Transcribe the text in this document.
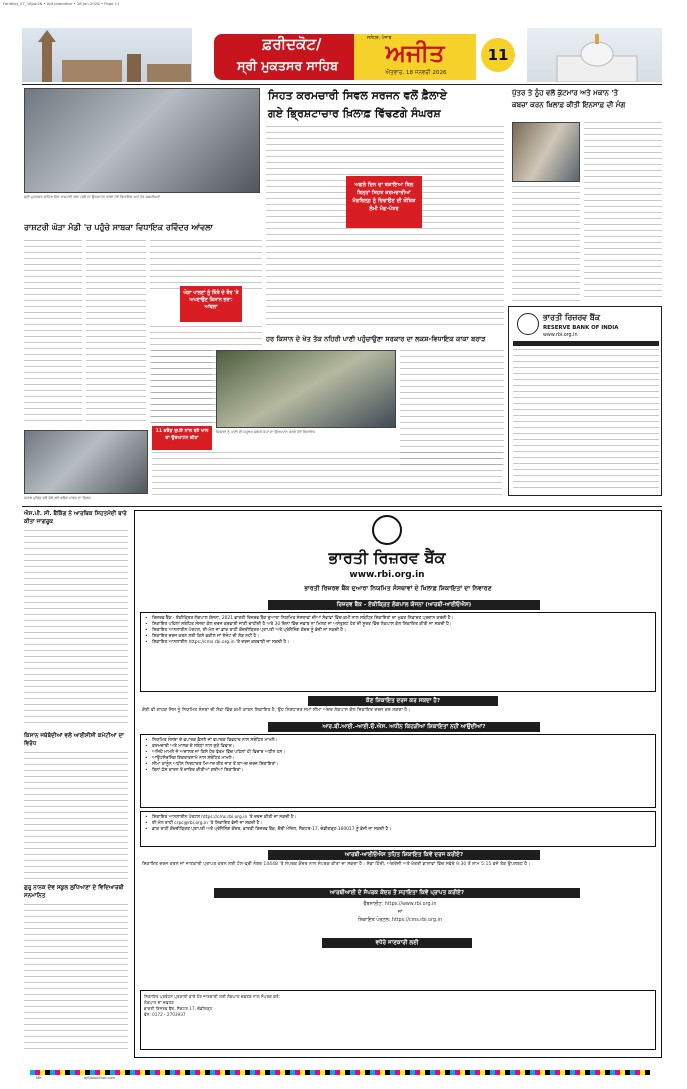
Faridkot_07_18Jan26 • Ajit Jalandhar • 18 Jan 2026 • Page 11
ਫ਼ਰੀਦਕੋਟ/
ਸ੍ਰੀ ਮੁਕਤਸਰ ਸਾਹਿਬ
ਜਲੰਧਰ, ਪੰਜਾਬ
ਅਜੀਤ
ਐਤਵਾਰ, 18 ਜਨਵਰੀ 2026
11
ਸ੍ਰੀ ਮੁਕਤਸਰ ਸਾਹਿਬ ਵਿਖੇ ਰਾਸ਼ਟਰੀ ਘੋੜਾ ਮੰਡੀ ਦਾ ਉਦਘਾਟਨ ਕਰਦੇ ਹੋਏ ਵਿਧਾਇਕ ਅਤੇ ਹੋਰ ਸ਼ਖ਼ਸੀਅਤਾਂ
ਸਿਹਤ ਕਰਮਚਾਰੀ ਸਿਵਲ ਸਰਜਨ ਵਲੋਂ ਫ਼ੈਲਾਏ
ਗਏ ਭ੍ਰਿਸ਼ਟਾਚਾਰ ਖ਼ਿਲਾਫ਼ ਵਿੱਢਣਗੇ ਸੰਘਰਸ਼
ਅਗਲੇ ਦਿਨ ਦਾ ਬਕਾਇਆ ਬਿਲ ਬਿਨ੍ਹਾਂ ਸਿਹਤ ਕਰਮਚਾਰੀਆਂ ਮੰਗਰਿਲ੍ਹ ਨੂੰ ਦਿਵਾਉਣ ਦੀ ਕੋਸ਼ਿਸ਼ ਲੰਮੀ ਮੰਗ-ਪੱਤਰ
ਪੁੱਤਰ ਤੇ ਨੂੰਹ ਵਲੋਂ ਕੁੱਟਮਾਰ ਅਤੇ ਮਕਾਨ 'ਤੇ
ਕਬਜ਼ਾ ਕਰਨ ਖ਼ਿਲਾਫ਼ ਕੀਤੀ ਇਨਸਾਫ਼ ਦੀ ਮੰਗ
ਭਾਰਤੀ ਰਿਜ਼ਰਵ ਬੈਂਕ
RESERVE BANK OF INDIA
www.rbi.org.in
ਰਾਸ਼ਟਰੀ ਘੋੜਾ ਮੰਡੀ 'ਚ ਪਹੁੰਚੇ ਸਾਬਕਾ ਵਿਧਾਇਕ ਰਵਿੰਦਰ ਆਂਵਲਾ
ਘੋੜਾ ਪਾਲਣਾਂ ਨੂੰ ਕਿੱਤੇ ਦੇ ਤੌਰ 'ਤੇ ਅਪਣਾਉਣ ਕਿਸਾਨ ਭਰਾ: ਆਂਵਲਾ
ਹਰ ਕਿਸਾਨ ਦੇ ਖੇਤ ਤੱਕ ਨਹਿਰੀ ਪਾਣੀ ਪਹੁੰਚਾਉਣਾ ਸਰਕਾਰ ਦਾ ਲਕਸ਼-ਵਿਧਾਇਕ ਕਾਕਾ ਬਰਾੜ
11 ਕਰੋੜ ਰੁਪਏ ਨਾਲ ਬਣੇ ਖਾਲ ਦਾ ਉਦਘਾਟਨ ਕੀਤਾ
ਕਿਸਾਨਾਂ ਨੂੰ ਪਾਣੀ ਦੀ ਸਹੂਲਤ ਸਬੰਧੀ ਕੰਮਾਂ ਦਾ ਉਦਘਾਟਨ ਕਰਦੇ ਹੋਏ ਵਿਧਾਇਕ
ਪੰਜਾਬ ਪੁਲਿਸ ਵਲੋਂ ਕੱਢੇ ਗਏ ਫਲੈਗ ਮਾਰਚ ਦਾ ਦ੍ਰਿਸ਼
ਐਸ.ਪੀ. ਸੀ. ਬੈਂਕਿੰਗ ਨੇ ਆਰਥਿਕ ਸਿਹਤਮੰਦੀ ਬਾਰੇ ਕੀਤਾ ਜਾਗਰੂਕ
ਕਿਸਾਨ ਜਥੇਬੰਦੀਆਂ ਵਲੋਂ ਆਈਸੀਸੀ ਕਮੇਟੀਆਂ ਦਾ ਵਿਰੋਧ
ਗੁਰੂ ਨਾਨਕ ਦੇਵ ਸਕੂਲ ਲੁਧਿਆਣਾ ਦੇ ਵਿਦਿਆਰਥੀ ਸਨਮਾਨਿਤ
ਭਾਰਤੀ ਰਿਜ਼ਰਵ ਬੈਂਕ
www.rbi.org.in
ਭਾਰਤੀ ਰਿਜ਼ਰਵ ਬੈਂਕ ਦੁਆਰਾ ਨਿਯਮਿਤ ਸੰਸਥਾਵਾਂ ਦੇ ਖ਼ਿਲਾਫ਼ ਸ਼ਿਕਾਇਤਾਂ ਦਾ ਨਿਵਾਰਣ
ਰਿਜ਼ਰਵ ਬੈਂਕ - ਏਕੀਕ੍ਰਿਤ ਲੋਕਪਾਲ ਯੋਜਨਾ (ਆਰਬੀ-ਆਈਓਐਸ)
• ਰਿਜ਼ਰਵ ਬੈਂਕ - ਏਕੀਕ੍ਰਿਤ ਲੋਕਪਾਲ ਯੋਜਨਾ, 2021 ਭਾਰਤੀ ਰਿਜ਼ਰਵ ਬੈਂਕ ਦੁਆਰਾ ਨਿਯਮਿਤ ਸੰਸਥਾਵਾਂ ਦੀਆਂ ਸੇਵਾਵਾਂ ਵਿੱਚ ਕਮੀ ਨਾਲ ਸਬੰਧਿਤ ਸ਼ਿਕਾਇਤਾਂ ਦਾ ਮੁਫ਼ਤ ਨਿਵਾਰਣ ਪ੍ਰਦਾਨ ਕਰਦੀ ਹੈ।
• ਸ਼ਿਕਾਇਤ ਪਹਿਲਾਂ ਸਬੰਧਿਤ ਸੰਸਥਾ ਕੋਲ ਦਰਜ ਕਰਵਾਈ ਜਾਣੀ ਚਾਹੀਦੀ ਹੈ ਅਤੇ 30 ਦਿਨਾਂ ਵਿੱਚ ਜਵਾਬ ਨਾ ਮਿਲਣ ਜਾਂ ਅਸੰਤੁਸ਼ਟ ਹੋਣ ਦੀ ਸੂਰਤ ਵਿੱਚ ਲੋਕਪਾਲ ਕੋਲ ਸ਼ਿਕਾਇਤ ਕੀਤੀ ਜਾ ਸਕਦੀ ਹੈ।
• ਸ਼ਿਕਾਇਤ ਆਨਲਾਈਨ ਪੋਰਟਲ, ਈ-ਮੇਲ ਜਾਂ ਡਾਕ ਰਾਹੀਂ ਕੇਂਦਰੀਕ੍ਰਿਤ ਪ੍ਰਾਪਤੀ ਅਤੇ ਪ੍ਰੋਸੈਸਿੰਗ ਕੇਂਦਰ ਨੂੰ ਭੇਜੀ ਜਾ ਸਕਦੀ ਹੈ।
• ਸ਼ਿਕਾਇਤ ਦਰਜ ਕਰਨ ਲਈ ਕਿਸੇ ਵਕੀਲ ਜਾਂ ਏਜੰਟ ਦੀ ਲੋੜ ਨਹੀਂ ਹੈ।
• ਸ਼ਿਕਾਇਤ ਆਨਲਾਈਨ https://cms.rbi.org.in 'ਤੇ ਦਰਜ ਕਰਵਾਈ ਜਾ ਸਕਦੀ ਹੈ।
ਕੌਣ ਸ਼ਿਕਾਇਤ ਦਰਜ ਕਰ ਸਕਦਾ ਹੈ?
ਕੋਈ ਵੀ ਗਾਹਕ ਜਿਸ ਨੂੰ ਨਿਯਮਿਤ ਸੰਸਥਾ ਦੀ ਸੇਵਾ ਵਿੱਚ ਕਮੀ ਕਾਰਨ ਸ਼ਿਕਾਇਤ ਹੈ, ਉਹ ਨਿਰਧਾਰਤ ਸਮਾਂ ਸੀਮਾ ਅੰਦਰ ਲੋਕਪਾਲ ਕੋਲ ਸ਼ਿਕਾਇਤ ਦਰਜ ਕਰ ਸਕਦਾ ਹੈ।
ਆਰ.ਬੀ.ਆਈ.-ਆਈ.ਓ.ਐਸ. ਅਧੀਨ ਕਿਹੜੀਆਂ ਸ਼ਿਕਾਇਤਾਂ ਨਹੀਂ ਆਉਂਦੀਆਂ?
• ਨਿਯਮਿਤ ਸੰਸਥਾ ਦੇ ਵਪਾਰਕ ਫ਼ੈਸਲੇ ਜਾਂ ਵਪਾਰਕ ਵਿਵਹਾਰ ਨਾਲ ਸਬੰਧਿਤ ਮਾਮਲੇ।
• ਕਰਮਚਾਰੀ ਅਤੇ ਮਾਲਕ ਦੇ ਸਬੰਧਾਂ ਨਾਲ ਜੁੜੇ ਵਿਵਾਦ।
• ਅਜਿਹੇ ਮਾਮਲੇ ਜੋ ਅਦਾਲਤ ਜਾਂ ਕਿਸੇ ਹੋਰ ਫੋਰਮ ਵਿੱਚ ਪਹਿਲਾਂ ਹੀ ਵਿਚਾਰ ਅਧੀਨ ਹਨ।
• ਆਊਟਸੋਰਸਿੰਗ ਇਕਰਾਰਨਾਮੇ ਨਾਲ ਸਬੰਧਿਤ ਮਾਮਲੇ।
• ਸੀਮਾ ਕਾਨੂੰਨ ਅਧੀਨ ਨਿਰਧਾਰਤ ਮਿਆਦ ਬੀਤ ਜਾਣ ਤੋਂ ਬਾਅਦ ਦਰਜ ਸ਼ਿਕਾਇਤਾਂ।
• ਬਿਨਾਂ ਠੋਸ ਕਾਰਨ ਤੋਂ ਦਾਇਰ ਕੀਤੀਆਂ ਗਈਆਂ ਸ਼ਿਕਾਇਤਾਂ।
ਆਰਬੀ-ਆਈਓਐਸ ਤਹਿਤ ਸ਼ਿਕਾਇਤ ਕਿਵੇਂ ਦਰਜ ਕਰੀਏ?
• ਸ਼ਿਕਾਇਤ ਆਨਲਾਈਨ ਪੋਰਟਲ https://cms.rbi.org.in 'ਤੇ ਦਰਜ ਕੀਤੀ ਜਾ ਸਕਦੀ ਹੈ।
• ਈ-ਮੇਲ ਰਾਹੀਂ crpc@rbi.org.in 'ਤੇ ਸ਼ਿਕਾਇਤ ਭੇਜੀ ਜਾ ਸਕਦੀ ਹੈ।
• ਡਾਕ ਰਾਹੀਂ ਕੇਂਦਰੀਕ੍ਰਿਤ ਪ੍ਰਾਪਤੀ ਅਤੇ ਪ੍ਰੋਸੈਸਿੰਗ ਕੇਂਦਰ, ਭਾਰਤੀ ਰਿਜ਼ਰਵ ਬੈਂਕ, ਚੌਥੀ ਮੰਜ਼ਿਲ, ਸੈਕਟਰ-17, ਚੰਡੀਗੜ੍ਹ-160017 ਨੂੰ ਭੇਜੀ ਜਾ ਸਕਦੀ ਹੈ।
ਆਰਬੀਆਈ ਦੇ ਸੰਪਰਕ ਕੇਂਦਰ ਤੋਂ ਸਹਾਇਤਾ ਕਿਵੇਂ ਪ੍ਰਾਪਤ ਕਰੀਏ?
ਸ਼ਿਕਾਇਤ ਦਰਜ ਕਰਨ ਜਾਂ ਜਾਣਕਾਰੀ ਪ੍ਰਾਪਤ ਕਰਨ ਲਈ ਟੋਲ-ਫ੍ਰੀ ਨੰਬਰ 14448 'ਤੇ ਸੰਪਰਕ ਕੇਂਦਰ ਨਾਲ ਸੰਪਰਕ ਕੀਤਾ ਜਾ ਸਕਦਾ ਹੈ। ਸੇਵਾ ਹਿੰਦੀ, ਅੰਗਰੇਜ਼ੀ ਅਤੇ ਖੇਤਰੀ ਭਾਸ਼ਾਵਾਂ ਵਿੱਚ ਸਵੇਰੇ 9:30 ਤੋਂ ਸ਼ਾਮ 5:15 ਵਜੇ ਤੱਕ ਉਪਲਬਧ ਹੈ।
ਵਧੇਰੇ ਜਾਣਕਾਰੀ ਲਈ
ਵੈੱਬਸਾਈਟ: https://www.rbi.org.in
ਜਾਂ
ਸ਼ਿਕਾਇਤ ਪੋਰਟਲ: https://cms.rbi.org.in
ਸ਼ਿਕਾਇਤ ਪ੍ਰਬੰਧਨ ਪ੍ਰਣਾਲੀ ਬਾਰੇ ਹੋਰ ਜਾਣਕਾਰੀ ਲਈ ਲੋਕਪਾਲ ਦਫ਼ਤਰ ਨਾਲ ਸੰਪਰਕ ਕਰੋ:
ਲੋਕਪਾਲ ਦਾ ਦਫ਼ਤਰ
ਭਾਰਤੀ ਰਿਜ਼ਰਵ ਬੈਂਕ, ਸੈਕਟਰ 17, ਚੰਡੀਗੜ੍ਹ
ਫੋਨ: 0172 - 2703937
MK	ajitjalandhar.com
